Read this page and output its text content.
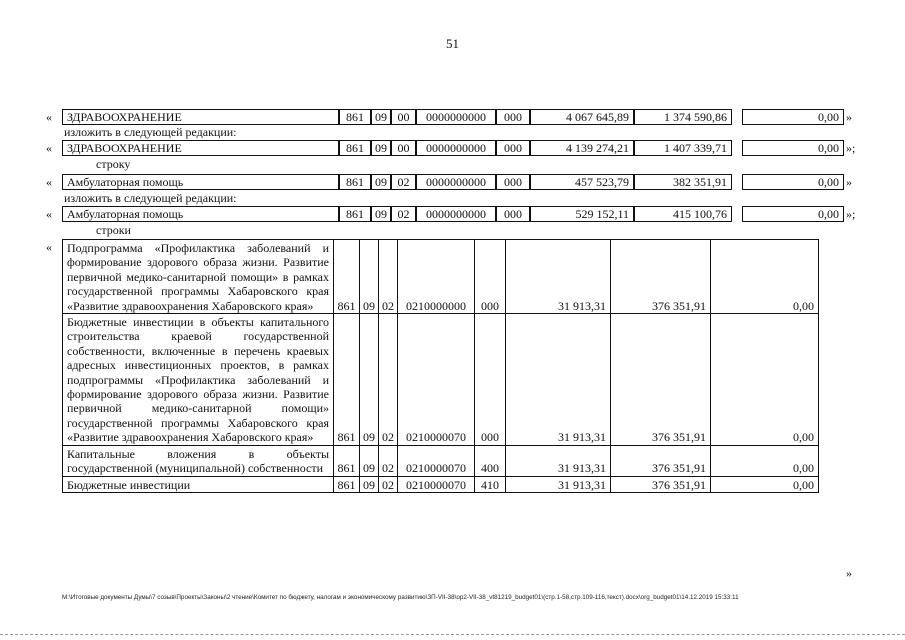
51
«	ЗДРАВООХРАНЕНИЕ	861 09 00	0000000000	000	4 067 645,89	1 374 590,86	0,00 »
изложить в следующей редакции:
«	ЗДРАВООХРАНЕНИЕ	861 09 00	0000000000	000	4 139 274,21	1 407 339,71	0,00 »;
строку
«	Амбулаторная помощь	861 09 02	0000000000	000	457 523,79	382 351,91	0,00 »
изложить в следующей редакции:
«	Амбулаторная помощь	861 09 02	0000000000	000	529 152,11	415 100,76	0,00 »;
строки
« Подпрограмма «Профилактика заболеваний и формирование здорового образа жизни. Развитие первичной медико-санитарной помощи» в рамках государственной программы Хабаровского края «Развитие здравоохранения Хабаровского края»	861	09	02	0210000000	000	31 913,31	376 351,91	0,00
Бюджетные инвестиции в объекты капитального строительства краевой государственной собственности, включенные в перечень краевых адресных инвестиционных проектов, в рамках подпрограммы «Профилактика заболеваний и формирование здорового образа жизни. Развитие первичной медико-санитарной помощи» государственной программы Хабаровского края «Развитие здравоохранения Хабаровского края»	861	09	02	0210000070	000	31 913,31	376 351,91	0,00
Капитальные вложения в объекты государственной (муниципальной) собственности	861	09	02	0210000070	400	31 913,31	376 351,91	0,00
Бюджетные инвестиции	861	09	02	0210000070	410	31 913,31	376 351,91	0,00
»
M:\Итоговые документы Думы\7 созыв\Проекты\Законы\2 чтение\Комитет по бюджету, налогам и экономическому развитию\ЗП-VII-38\ор2-VII-38_vt81219_budget01\(стр.1-58,стр.109-116,текст).docx\org_budget01\14.12.2019 15:33:11
